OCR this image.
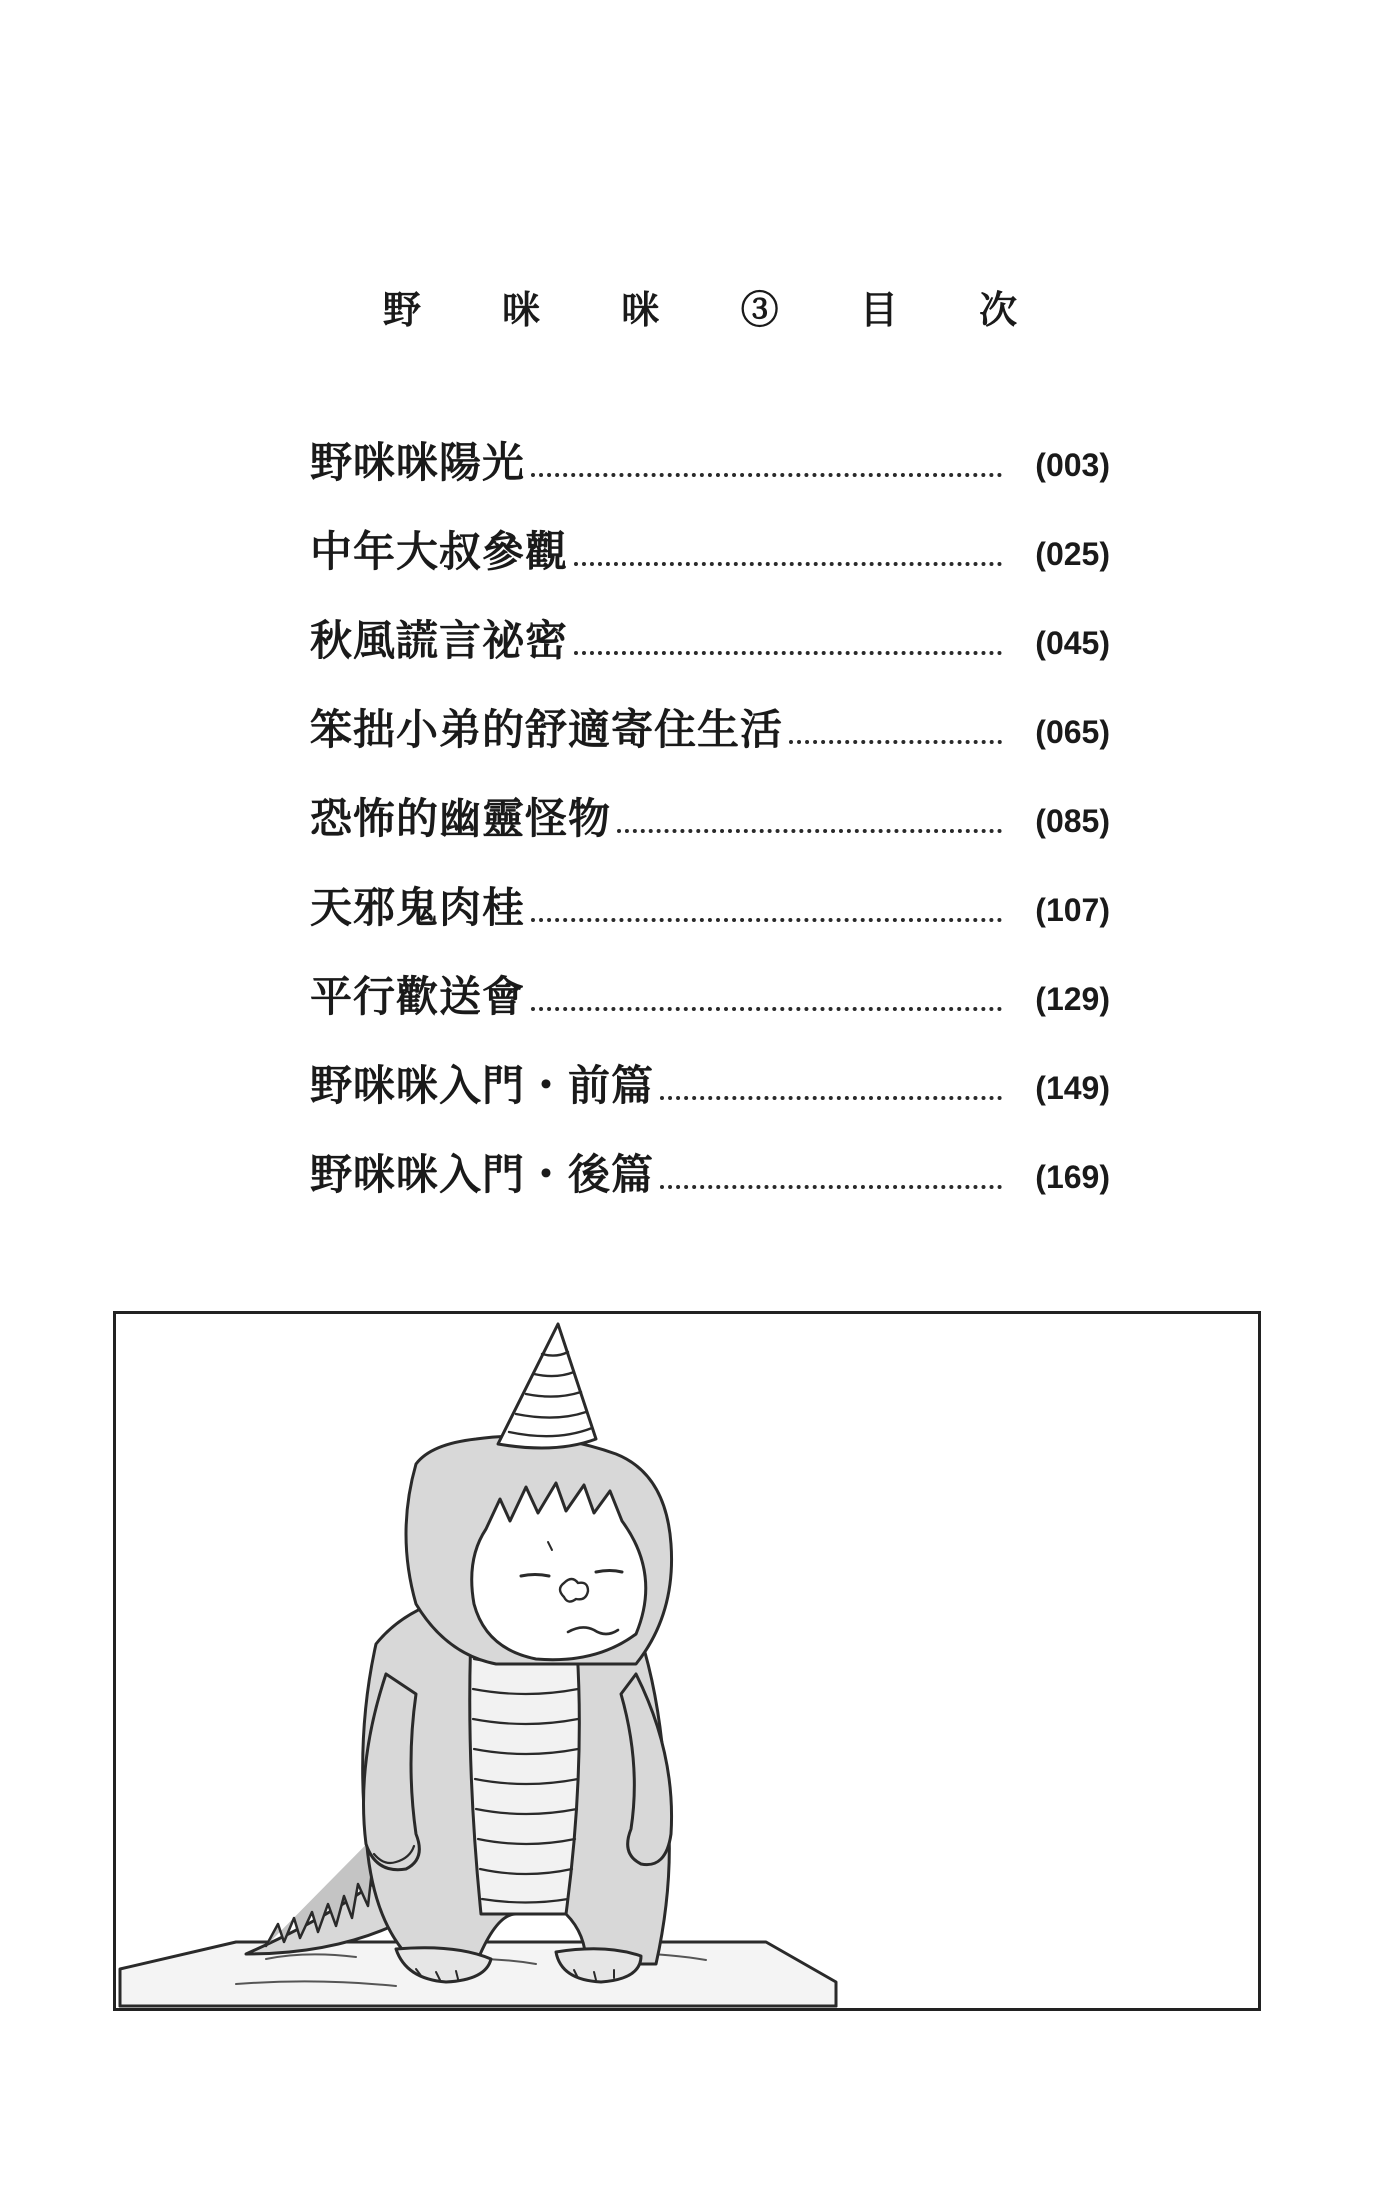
野 咪 咪 ③ 目 次
野咪咪陽光	(003)
中年大叔參觀	(025)
秋風謊言祕密	(045)
笨拙小弟的舒適寄住生活	(065)
恐怖的幽靈怪物	(085)
天邪鬼肉桂	(107)
平行歡送會	(129)
野咪咪入門・前篇	(149)
野咪咪入門・後篇	(169)
